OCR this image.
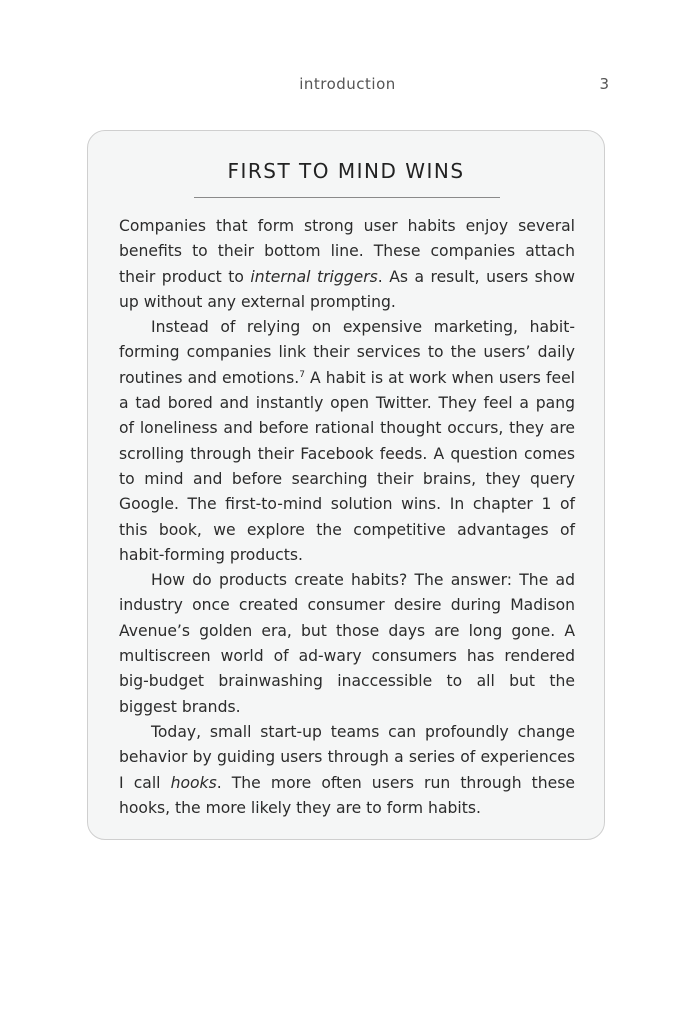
introduction	3
FIRST TO MIND WINS

Companies that form strong user habits enjoy several benefits to their bottom line. These companies attach their product to internal triggers. As a result, users show up without any external prompting.

Instead of relying on expensive marketing, habit-forming companies link their services to the users’ daily routines and emotions.$^7$ A habit is at work when users feel a tad bored and instantly open Twitter. They feel a pang of loneliness and before rational thought occurs, they are scrolling through their Facebook feeds. A question comes to mind and before searching their brains, they query Google. The first-to-mind solution wins. In chapter 1 of this book, we explore the competitive advantages of habit-forming products.

How do products create habits? The answer: The ad industry once created consumer desire during Madison Avenue’s golden era, but those days are long gone. A multiscreen world of ad-wary consumers has rendered big-budget brainwashing inaccessible to all but the biggest brands.

Today, small start-up teams can profoundly change behavior by guiding users through a series of experiences I call hooks. The more often users run through these hooks, the more likely they are to form habits.
